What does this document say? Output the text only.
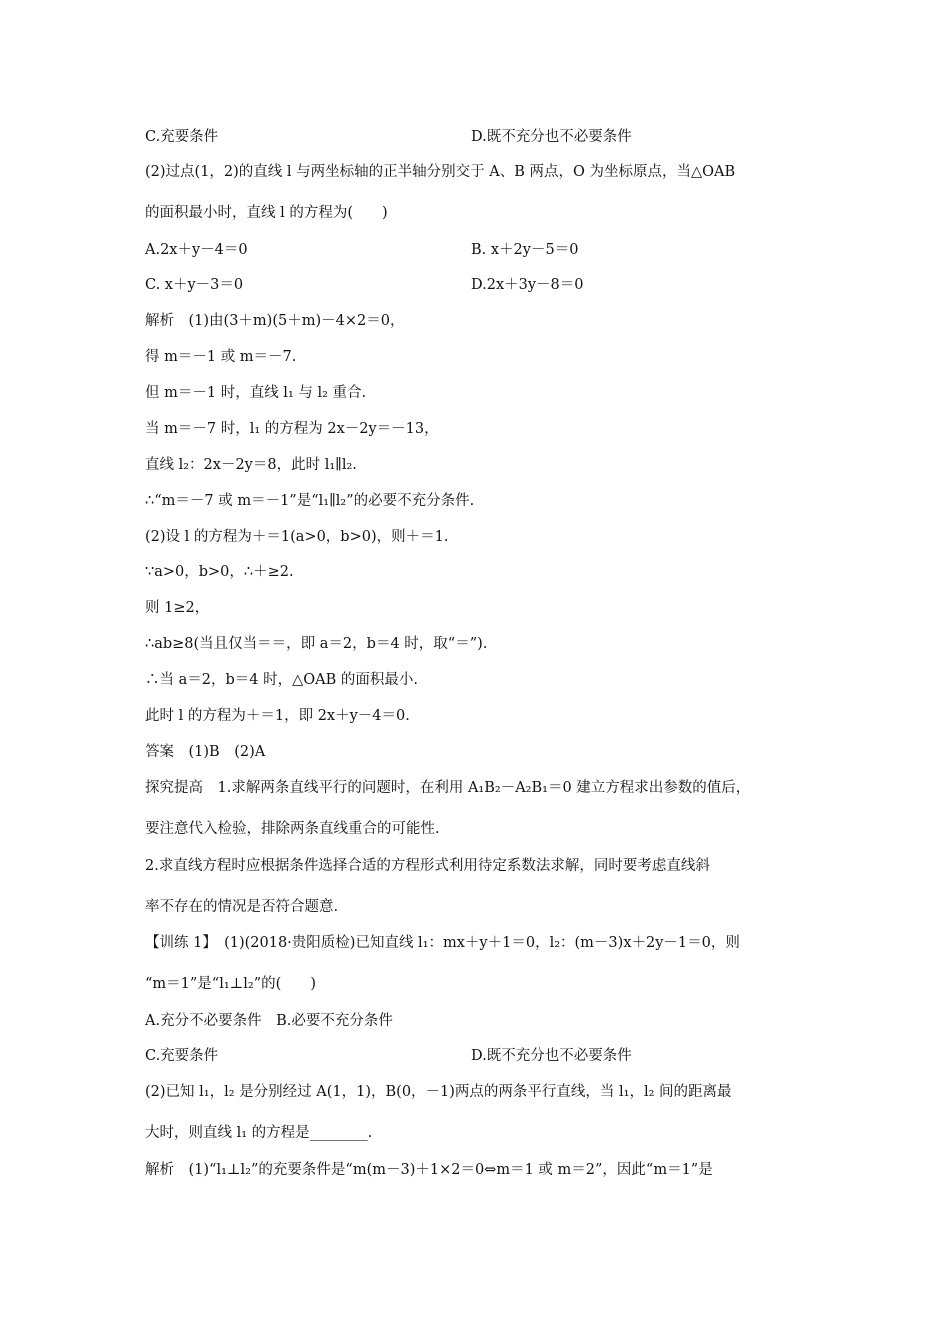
C.充要条件	D.既不充分也不必要条件
(2)过点(1，2)的直线 l 与两坐标轴的正半轴分别交于 A、B 两点，O 为坐标原点，当△OAB
的面积最小时，直线 l 的方程为(　　)
A.2x＋y－4＝0	B. x＋2y－5＝0
C. x＋y－3＝0	D.2x＋3y－8＝0
解析　(1)由(3＋m)(5＋m)－4×2＝0，
得 m＝－1 或 m＝－7.
但 m＝－1 时，直线 l₁ 与 l₂ 重合.
当 m＝－7 时，l₁ 的方程为 2x－2y＝－13，
直线 l₂：2x－2y＝8，此时 l₁∥l₂.
∴“m＝－7 或 m＝－1”是“l₁∥l₂”的必要不充分条件.
(2)设 l 的方程为＋＝1(a>0，b>0)，则＋＝1.
∵a>0，b>0，∴＋≥2.
则 1≥2，
∴ab≥8(当且仅当＝＝，即 a＝2，b＝4 时，取“＝”).
∴当 a＝2，b＝4 时，△OAB 的面积最小.
此时 l 的方程为＋＝1，即 2x＋y－4＝0.
答案　(1)B　(2)A
探究提高　1.求解两条直线平行的问题时，在利用 A₁B₂－A₂B₁＝0 建立方程求出参数的值后，
要注意代入检验，排除两条直线重合的可能性.
2.求直线方程时应根据条件选择合适的方程形式利用待定系数法求解，同时要考虑直线斜
率不存在的情况是否符合题意.
【训练 1】　(1)(2018·贵阳质检)已知直线 l₁：mx＋y＋1＝0，l₂：(m－3)x＋2y－1＝0，则
“m＝1”是“l₁⊥l₂”的(　　)
A.充分不必要条件　B.必要不充分条件
C.充要条件	D.既不充分也不必要条件
(2)已知 l₁，l₂ 是分别经过 A(1，1)，B(0，－1)两点的两条平行直线，当 l₁，l₂ 间的距离最
大时，则直线 l₁ 的方程是________.
解析　(1)“l₁⊥l₂”的充要条件是“m(m－3)＋1×2＝0⇔m＝1 或 m＝2”，因此“m＝1”是
